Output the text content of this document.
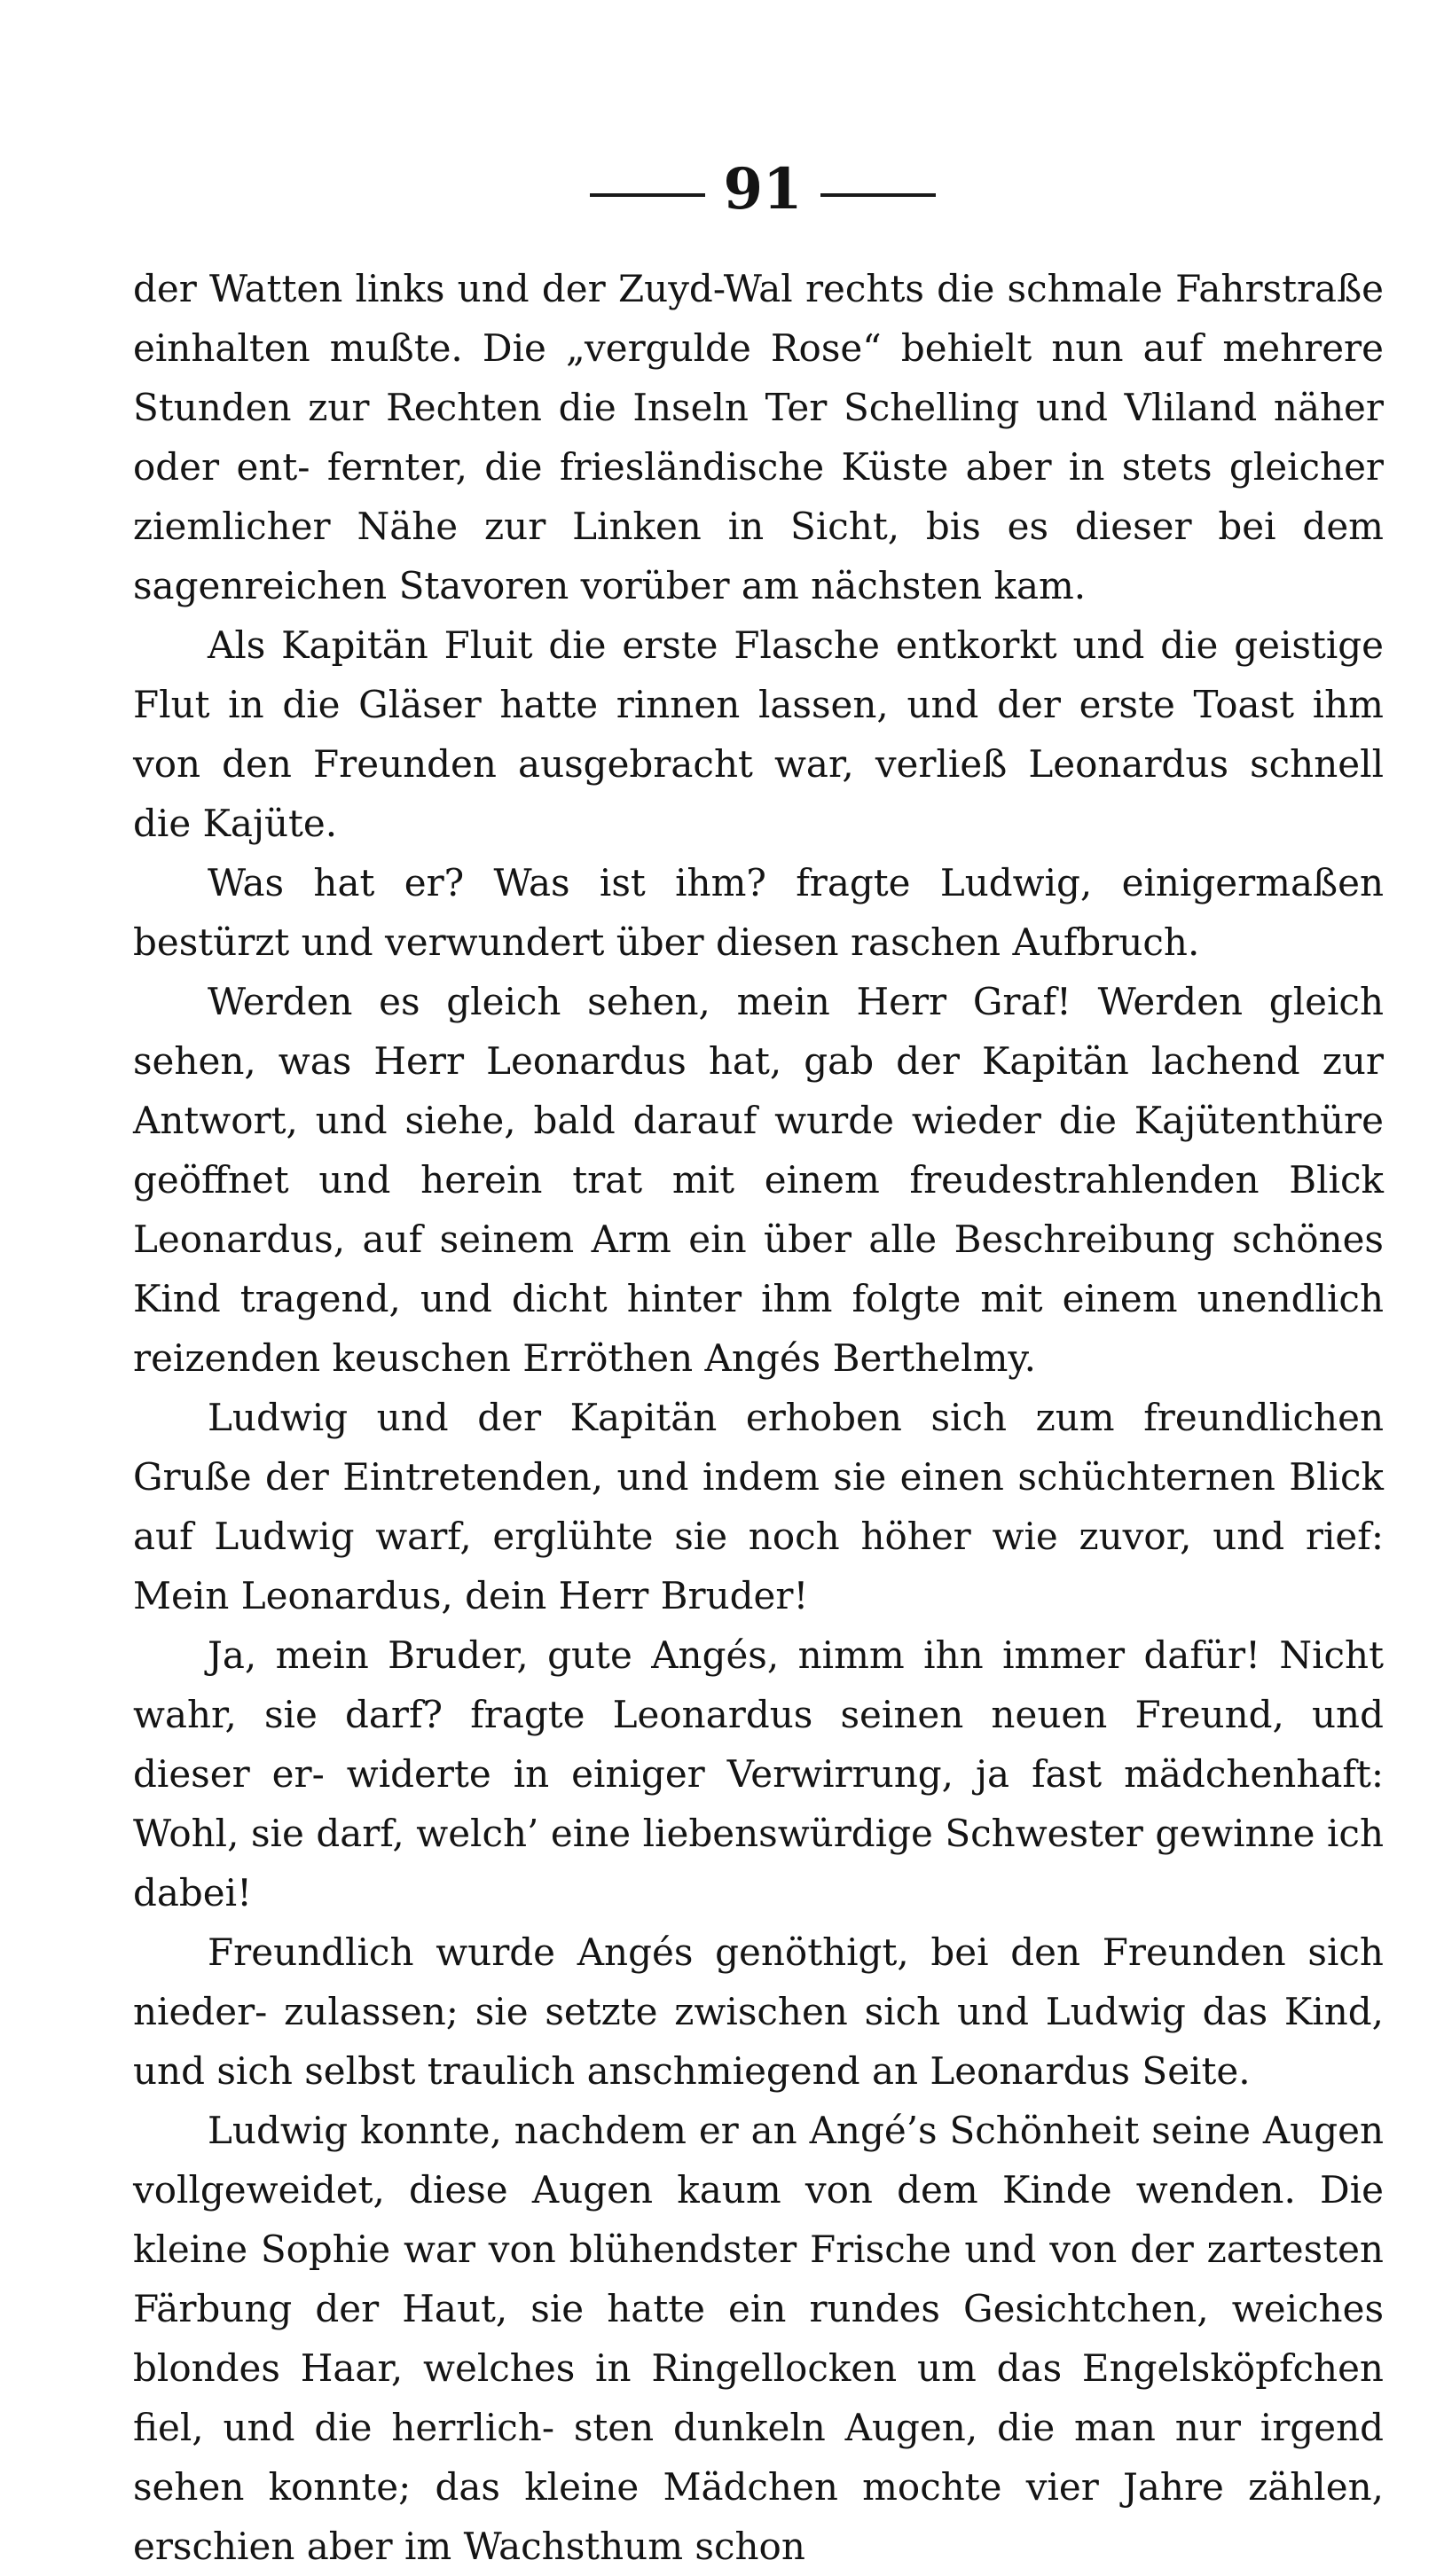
91

der Watten links und der Zuyd-Wal rechts die schmale Fahrstraße einhalten mußte. Die „vergulde Rose“ behielt nun auf mehrere Stunden zur Rechten die Inseln Ter Schelling und Vliland näher oder ent- fernter, die friesländische Küste aber in stets gleicher ziemlicher Nähe zur Linken in Sicht, bis es dieser bei dem sagenreichen Stavoren vorüber am nächsten kam.

Als Kapitän Fluit die erste Flasche entkorkt und die geistige Flut in die Gläser hatte rinnen lassen, und der erste Toast ihm von den Freunden ausgebracht war, verließ Leonardus schnell die Kajüte.

Was hat er? Was ist ihm? fragte Ludwig, einigermaßen bestürzt und verwundert über diesen raschen Aufbruch.

Werden es gleich sehen, mein Herr Graf! Werden gleich sehen, was Herr Leonardus hat, gab der Kapitän lachend zur Antwort, und siehe, bald darauf wurde wieder die Kajütenthüre geöffnet und herein trat mit einem freudestrahlenden Blick Leonardus, auf seinem Arm ein über alle Beschreibung schönes Kind tragend, und dicht hinter ihm folgte mit einem unendlich reizenden keuschen Erröthen Angés Berthelmy.

Ludwig und der Kapitän erhoben sich zum freundlichen Gruße der Eintretenden, und indem sie einen schüchternen Blick auf Ludwig warf, erglühte sie noch höher wie zuvor, und rief: Mein Leonardus, dein Herr Bruder!

Ja, mein Bruder, gute Angés, nimm ihn immer dafür! Nicht wahr, sie darf? fragte Leonardus seinen neuen Freund, und dieser er- widerte in einiger Verwirrung, ja fast mädchenhaft: Wohl, sie darf, welch’ eine liebenswürdige Schwester gewinne ich dabei!

Freundlich wurde Angés genöthigt, bei den Freunden sich nieder- zulassen; sie setzte zwischen sich und Ludwig das Kind, und sich selbst traulich anschmiegend an Leonardus Seite.

Ludwig konnte, nachdem er an Angé’s Schönheit seine Augen vollgeweidet, diese Augen kaum von dem Kinde wenden. Die kleine Sophie war von blühendster Frische und von der zartesten Färbung der Haut, sie hatte ein rundes Gesichtchen, weiches blondes Haar, welches in Ringellocken um das Engelsköpfchen fiel, und die herrlich- sten dunkeln Augen, die man nur irgend sehen konnte; das kleine Mädchen mochte vier Jahre zählen, erschien aber im Wachsthum schon
